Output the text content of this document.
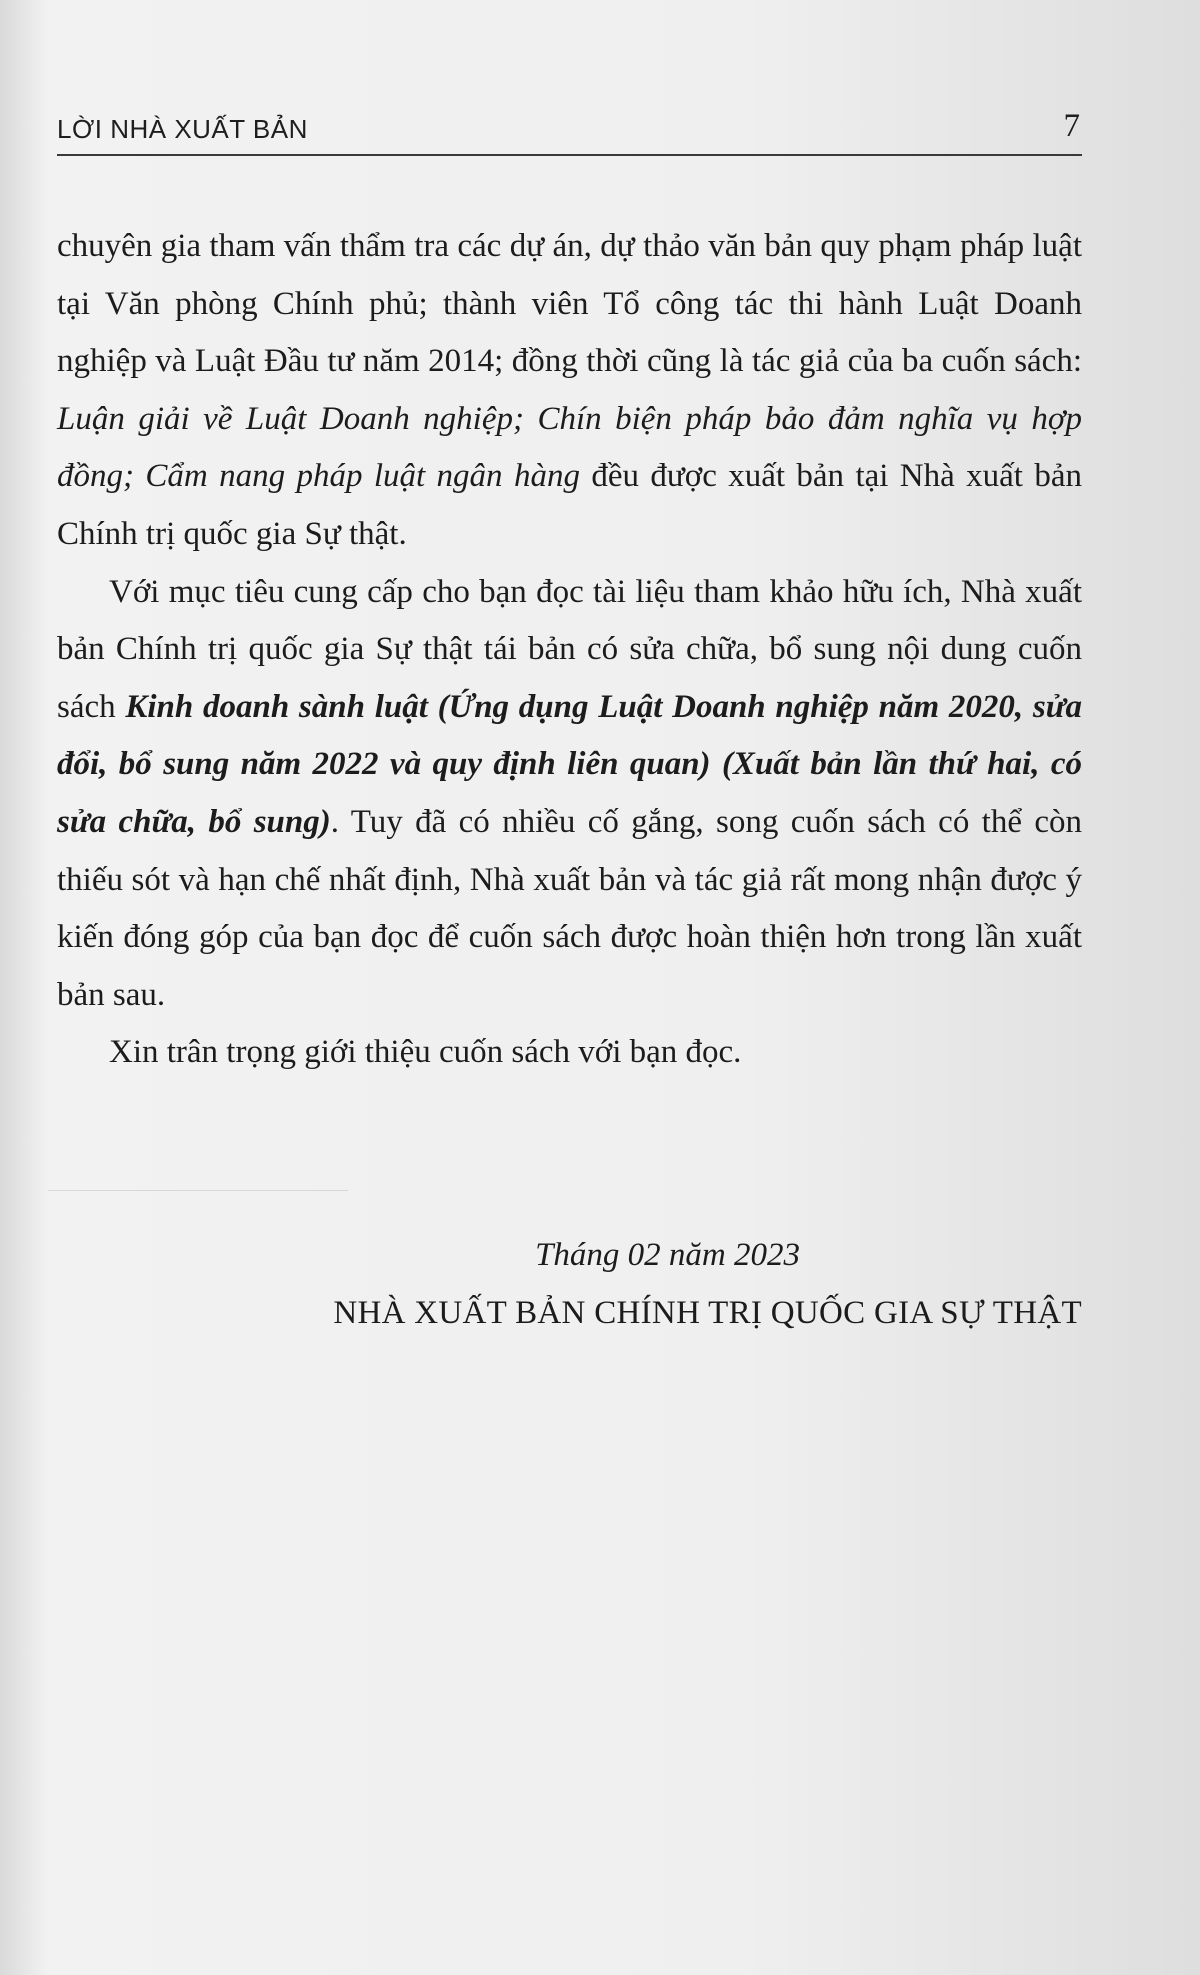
LỜI NHÀ XUẤT BẢN	7

chuyên gia tham vấn thẩm tra các dự án, dự thảo văn bản quy phạm pháp luật tại Văn phòng Chính phủ; thành viên Tổ công tác thi hành Luật Doanh nghiệp và Luật Đầu tư năm 2014; đồng thời cũng là tác giả của ba cuốn sách: Luận giải về Luật Doanh nghiệp; Chín biện pháp bảo đảm nghĩa vụ hợp đồng; Cẩm nang pháp luật ngân hàng đều được xuất bản tại Nhà xuất bản Chính trị quốc gia Sự thật.

Với mục tiêu cung cấp cho bạn đọc tài liệu tham khảo hữu ích, Nhà xuất bản Chính trị quốc gia Sự thật tái bản có sửa chữa, bổ sung nội dung cuốn sách Kinh doanh sành luật (Ứng dụng Luật Doanh nghiệp năm 2020, sửa đổi, bổ sung năm 2022 và quy định liên quan) (Xuất bản lần thứ hai, có sửa chữa, bổ sung). Tuy đã có nhiều cố gắng, song cuốn sách có thể còn thiếu sót và hạn chế nhất định, Nhà xuất bản và tác giả rất mong nhận được ý kiến đóng góp của bạn đọc để cuốn sách được hoàn thiện hơn trong lần xuất bản sau.

Xin trân trọng giới thiệu cuốn sách với bạn đọc.

Tháng 02 năm 2023
NHÀ XUẤT BẢN CHÍNH TRỊ QUỐC GIA SỰ THẬT
